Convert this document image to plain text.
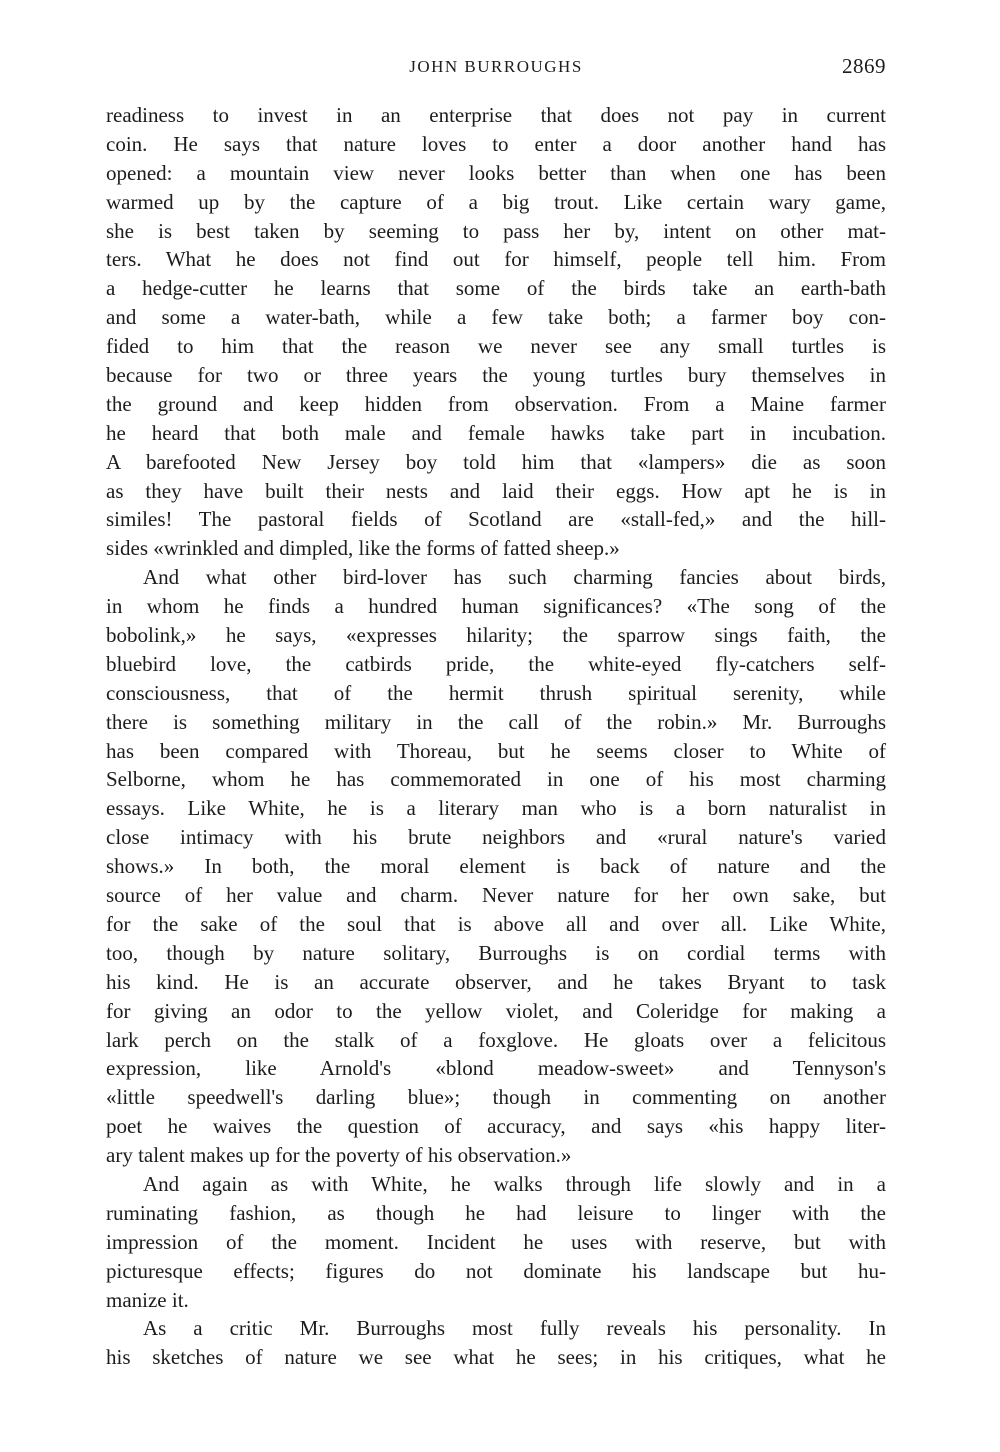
JOHN BURROUGHS	2869
readiness to invest in an enterprise that does not pay in current
coin. He says that nature loves to enter a door another hand has
opened: a mountain view never looks better than when one has been
warmed up by the capture of a big trout. Like certain wary game,
she is best taken by seeming to pass her by, intent on other mat-
ters. What he does not find out for himself, people tell him. From
a hedge-cutter he learns that some of the birds take an earth-bath
and some a water-bath, while a few take both; a farmer boy con-
fided to him that the reason we never see any small turtles is
because for two or three years the young turtles bury themselves in
the ground and keep hidden from observation. From a Maine farmer
he heard that both male and female hawks take part in incubation.
A barefooted New Jersey boy told him that «lampers» die as soon
as they have built their nests and laid their eggs. How apt he is in
similes! The pastoral fields of Scotland are «stall-fed,» and the hill-
sides «wrinkled and dimpled, like the forms of fatted sheep.»
And what other bird-lover has such charming fancies about birds,
in whom he finds a hundred human significances? «The song of the
bobolink,» he says, «expresses hilarity; the sparrow sings faith, the
bluebird love, the catbirds pride, the white-eyed fly-catchers self-
consciousness, that of the hermit thrush spiritual serenity, while
there is something military in the call of the robin.» Mr. Burroughs
has been compared with Thoreau, but he seems closer to White of
Selborne, whom he has commemorated in one of his most charming
essays. Like White, he is a literary man who is a born naturalist in
close intimacy with his brute neighbors and «rural nature's varied
shows.» In both, the moral element is back of nature and the
source of her value and charm. Never nature for her own sake, but
for the sake of the soul that is above all and over all. Like White,
too, though by nature solitary, Burroughs is on cordial terms with
his kind. He is an accurate observer, and he takes Bryant to task
for giving an odor to the yellow violet, and Coleridge for making a
lark perch on the stalk of a foxglove. He gloats over a felicitous
expression, like Arnold's «blond meadow-sweet» and Tennyson's
«little speedwell's darling blue»; though in commenting on another
poet he waives the question of accuracy, and says «his happy liter-
ary talent makes up for the poverty of his observation.»
And again as with White, he walks through life slowly and in a
ruminating fashion, as though he had leisure to linger with the
impression of the moment. Incident he uses with reserve, but with
picturesque effects; figures do not dominate his landscape but hu-
manize it.
As a critic Mr. Burroughs most fully reveals his personality. In
his sketches of nature we see what he sees; in his critiques, what he
